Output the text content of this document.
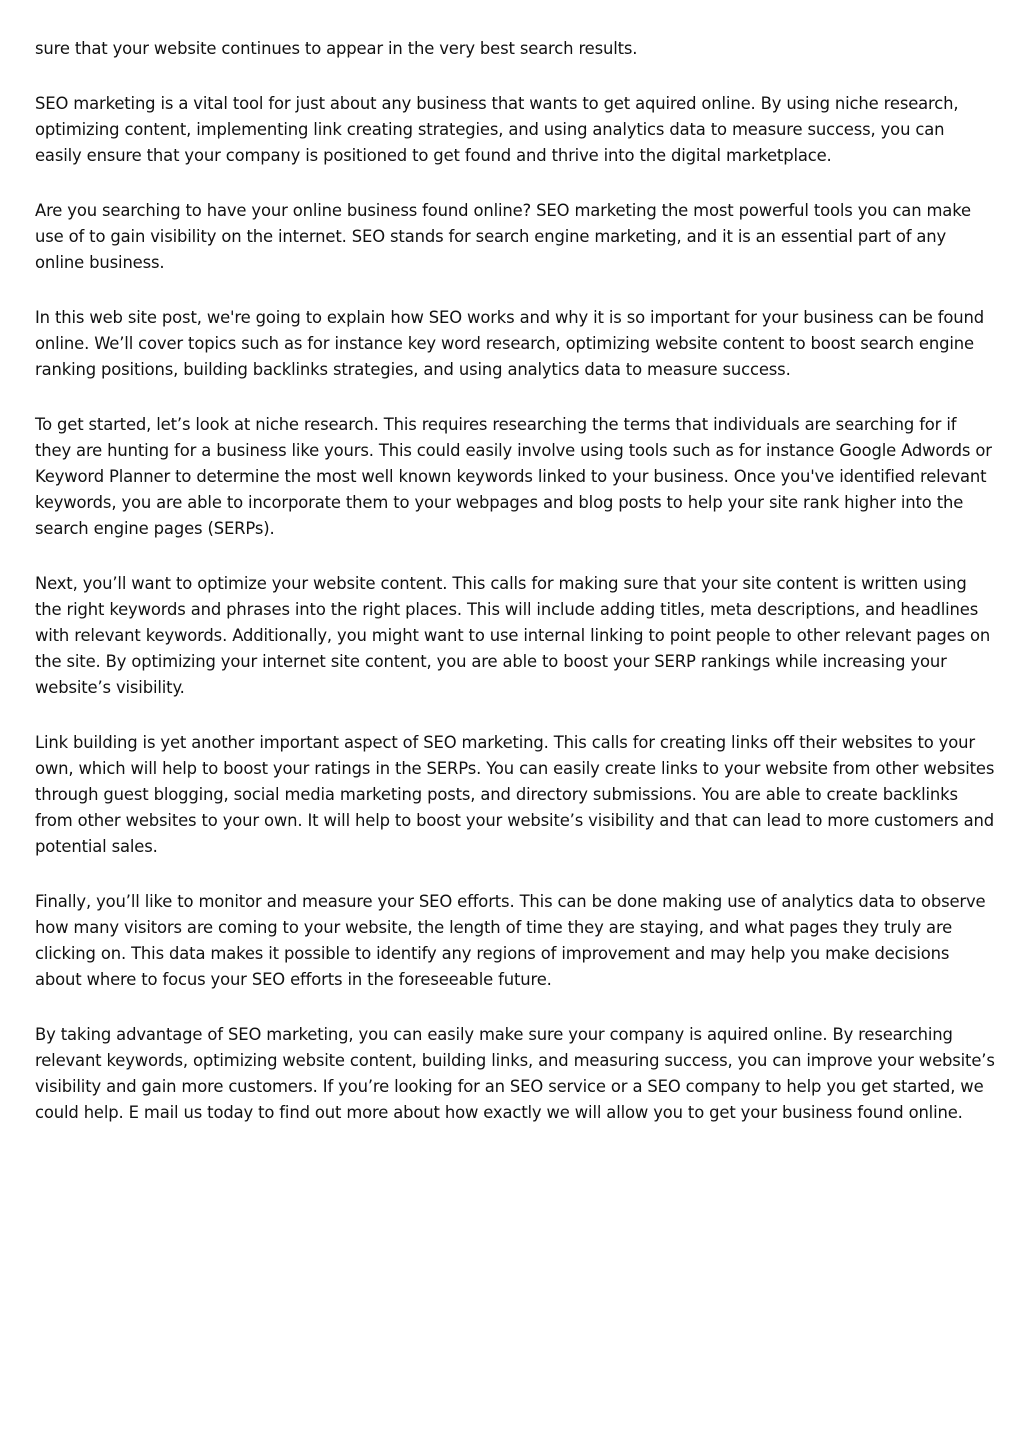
sure that your website continues to appear in the very best search results.

SEO marketing is a vital tool for just about any business that wants to get aquired online. By using niche research, optimizing content, implementing link creating strategies, and using analytics data to measure success, you can easily ensure that your company is positioned to get found and thrive into the digital marketplace.

Are you searching to have your online business found online? SEO marketing the most powerful tools you can make use of to gain visibility on the internet. SEO stands for search engine marketing, and it is an essential part of any online business.

In this web site post, we're going to explain how SEO works and why it is so important for your business can be found online. We’ll cover topics such as for instance key word research, optimizing website content to boost search engine ranking positions, building backlinks strategies, and using analytics data to measure success.

To get started, let’s look at niche research. This requires researching the terms that individuals are searching for if they are hunting for a business like yours. This could easily involve using tools such as for instance Google Adwords or Keyword Planner to determine the most well known keywords linked to your business. Once you've identified relevant keywords, you are able to incorporate them to your webpages and blog posts to help your site rank higher into the search engine pages (SERPs).

Next, you’ll want to optimize your website content. This calls for making sure that your site content is written using the right keywords and phrases into the right places. This will include adding titles, meta descriptions, and headlines with relevant keywords. Additionally, you might want to use internal linking to point people to other relevant pages on the site. By optimizing your internet site content, you are able to boost your SERP rankings while increasing your website’s visibility.

Link building is yet another important aspect of SEO marketing. This calls for creating links off their websites to your own, which will help to boost your ratings in the SERPs. You can easily create links to your website from other websites through guest blogging, social media marketing posts, and directory submissions. You are able to create backlinks from other websites to your own. It will help to boost your website’s visibility and that can lead to more customers and potential sales.

Finally, you’ll like to monitor and measure your SEO efforts. This can be done making use of analytics data to observe how many visitors are coming to your website, the length of time they are staying, and what pages they truly are clicking on. This data makes it possible to identify any regions of improvement and may help you make decisions about where to focus your SEO efforts in the foreseeable future.

By taking advantage of SEO marketing, you can easily make sure your company is aquired online. By researching relevant keywords, optimizing website content, building links, and measuring success, you can improve your website’s visibility and gain more customers. If you’re looking for an SEO service or a SEO company to help you get started, we could help. E mail us today to find out more about how exactly we will allow you to get your business found online.
